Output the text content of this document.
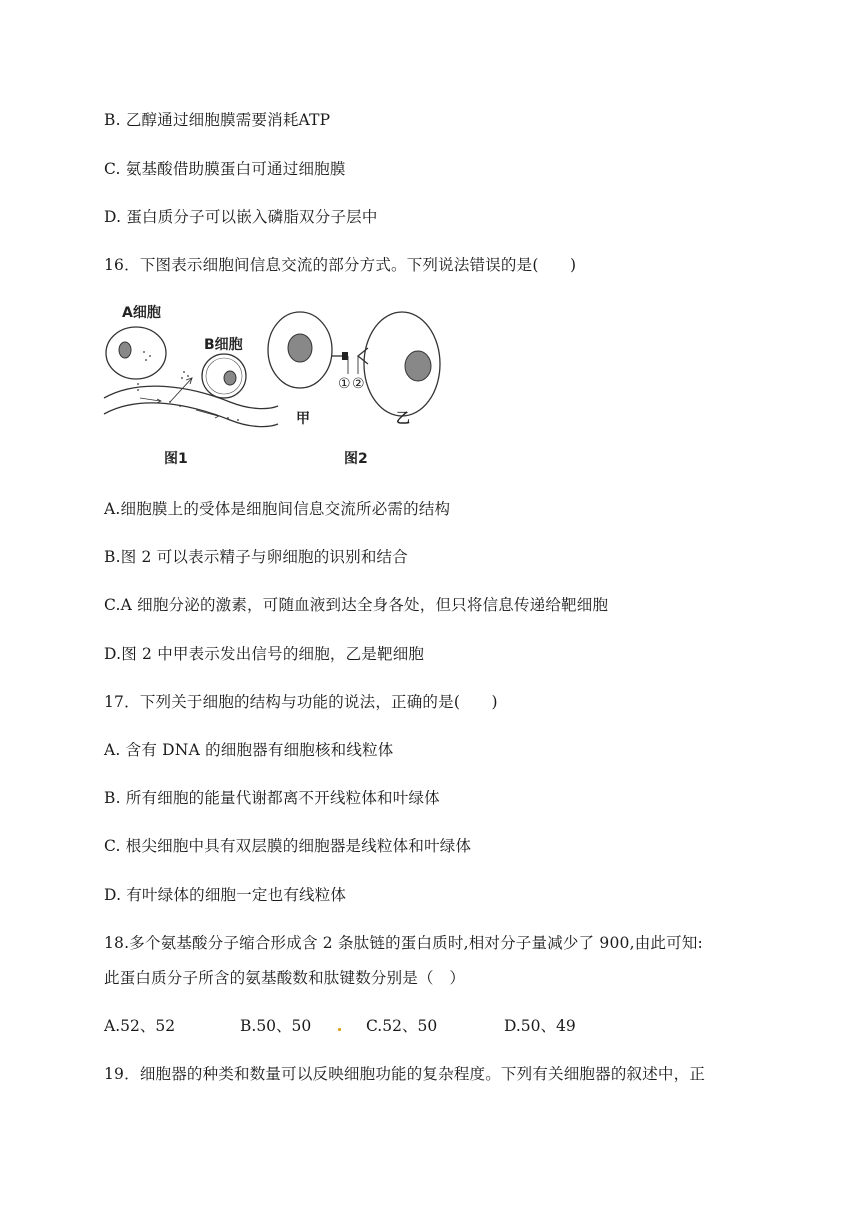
B. 乙醇通过细胞膜需要消耗ATP
C. 氨基酸借助膜蛋白可通过细胞膜
D. 蛋白质分子可以嵌入磷脂双分子层中
16．下图表示细胞间信息交流的部分方式。下列说法错误的是(　　)
A细胞
B细胞
① ②
甲	乙
图1	图2
A.细胞膜上的受体是细胞间信息交流所必需的结构
B.图 2 可以表示精子与卵细胞的识别和结合
C.A 细胞分泌的激素，可随血液到达全身各处，但只将信息传递给靶细胞
D.图 2 中甲表示发出信号的细胞，乙是靶细胞
17．下列关于细胞的结构与功能的说法，正确的是(　　)
A. 含有 DNA 的细胞器有细胞核和线粒体
B. 所有细胞的能量代谢都离不开线粒体和叶绿体
C. 根尖细胞中具有双层膜的细胞器是线粒体和叶绿体
D. 有叶绿体的细胞一定也有线粒体
18.多个氨基酸分子缩合形成含 2 条肽链的蛋白质时,相对分子量减少了 900,由此可知:
此蛋白质分子所含的氨基酸数和肽键数分别是（　）
A.52、52	B.50、50	C.52、50	D.50、49
19．细胞器的种类和数量可以反映细胞功能的复杂程度。下列有关细胞器的叙述中，正
